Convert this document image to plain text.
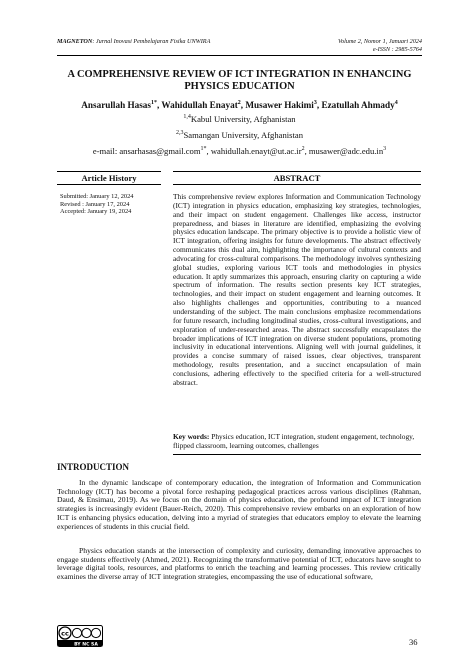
MAGNETON: Jurnal Inovasi Pembelajaran Fisika UNWIRA	Volume 2, Nomor 1, Januari 2024
e-ISSN : 2985-5764
A COMPREHENSIVE REVIEW OF ICT INTEGRATION IN ENHANCING PHYSICS EDUCATION
Ansarullah Hasas$^{1*}$, Wahidullah Enayat$^2$, Musawer Hakimi$^3$, Ezatullah Ahmady$^4$
$^{1,4}$Kabul University, Afghanistan
$^{2,3}$Samangan University, Afghanistan
e-mail: ansarhasas@gmail.com$^{1*}$, $wahidullah.enayt@ut.ac.ir^2$, $musawer@adc.edu.in^3$
Article History	ABSTRACT
Submitted: January 12, 2024
Revised : January 17, 2024
Accepted: January 19, 2024
This comprehensive review explores Information and Communication Technology (ICT) integration in physics education, emphasizing key strategies, technologies, and their impact on student engagement. Challenges like access, instructor preparedness, and biases in literature are identified, emphasizing the evolving physics education landscape. The primary objective is to provide a holistic view of ICT integration, offering insights for future developments. The abstract effectively communicates this dual aim, highlighting the importance of cultural contexts and advocating for cross-cultural comparisons. The methodology involves synthesizing global studies, exploring various ICT tools and methodologies in physics education. It aptly summarizes this approach, ensuring clarity on capturing a wide spectrum of information. The results section presents key ICT strategies, technologies, and their impact on student engagement and learning outcomes. It also highlights challenges and opportunities, contributing to a nuanced understanding of the subject. The main conclusions emphasize recommendations for future research, including longitudinal studies, cross-cultural investigations, and exploration of under-researched areas. The abstract successfully encapsulates the broader implications of ICT integration on diverse student populations, promoting inclusivity in educational interventions. Aligning well with journal guidelines, it provides a concise summary of raised issues, clear objectives, transparent methodology, results presentation, and a succinct encapsulation of main conclusions, adhering effectively to the specified criteria for a well-structured abstract.
Key words: Physics education, ICT integration, student engagement, technology, flipped classroom, learning outcomes, challenges
INTRODUCTION
In the dynamic landscape of contemporary education, the integration of Information and Communication Technology (ICT) has become a pivotal force reshaping pedagogical practices across various disciplines (Rahman, Daud, & Ensimau, 2019). As we focus on the domain of physics education, the profound impact of ICT integration strategies is increasingly evident (Bauer-Reich, 2020). This comprehensive review embarks on an exploration of how ICT is enhancing physics education, delving into a myriad of strategies that educators employ to elevate the learning experiences of students in this crucial field.
Physics education stands at the intersection of complexity and curiosity, demanding innovative approaches to engage students effectively (Ahmed, 2021). Recognizing the transformative potential of ICT, educators have sought to leverage digital tools, resources, and platforms to enrich the teaching and learning processes. This review critically examines the diverse array of ICT integration strategies, encompassing the use of educational software,
cc
BY NC SA	36
